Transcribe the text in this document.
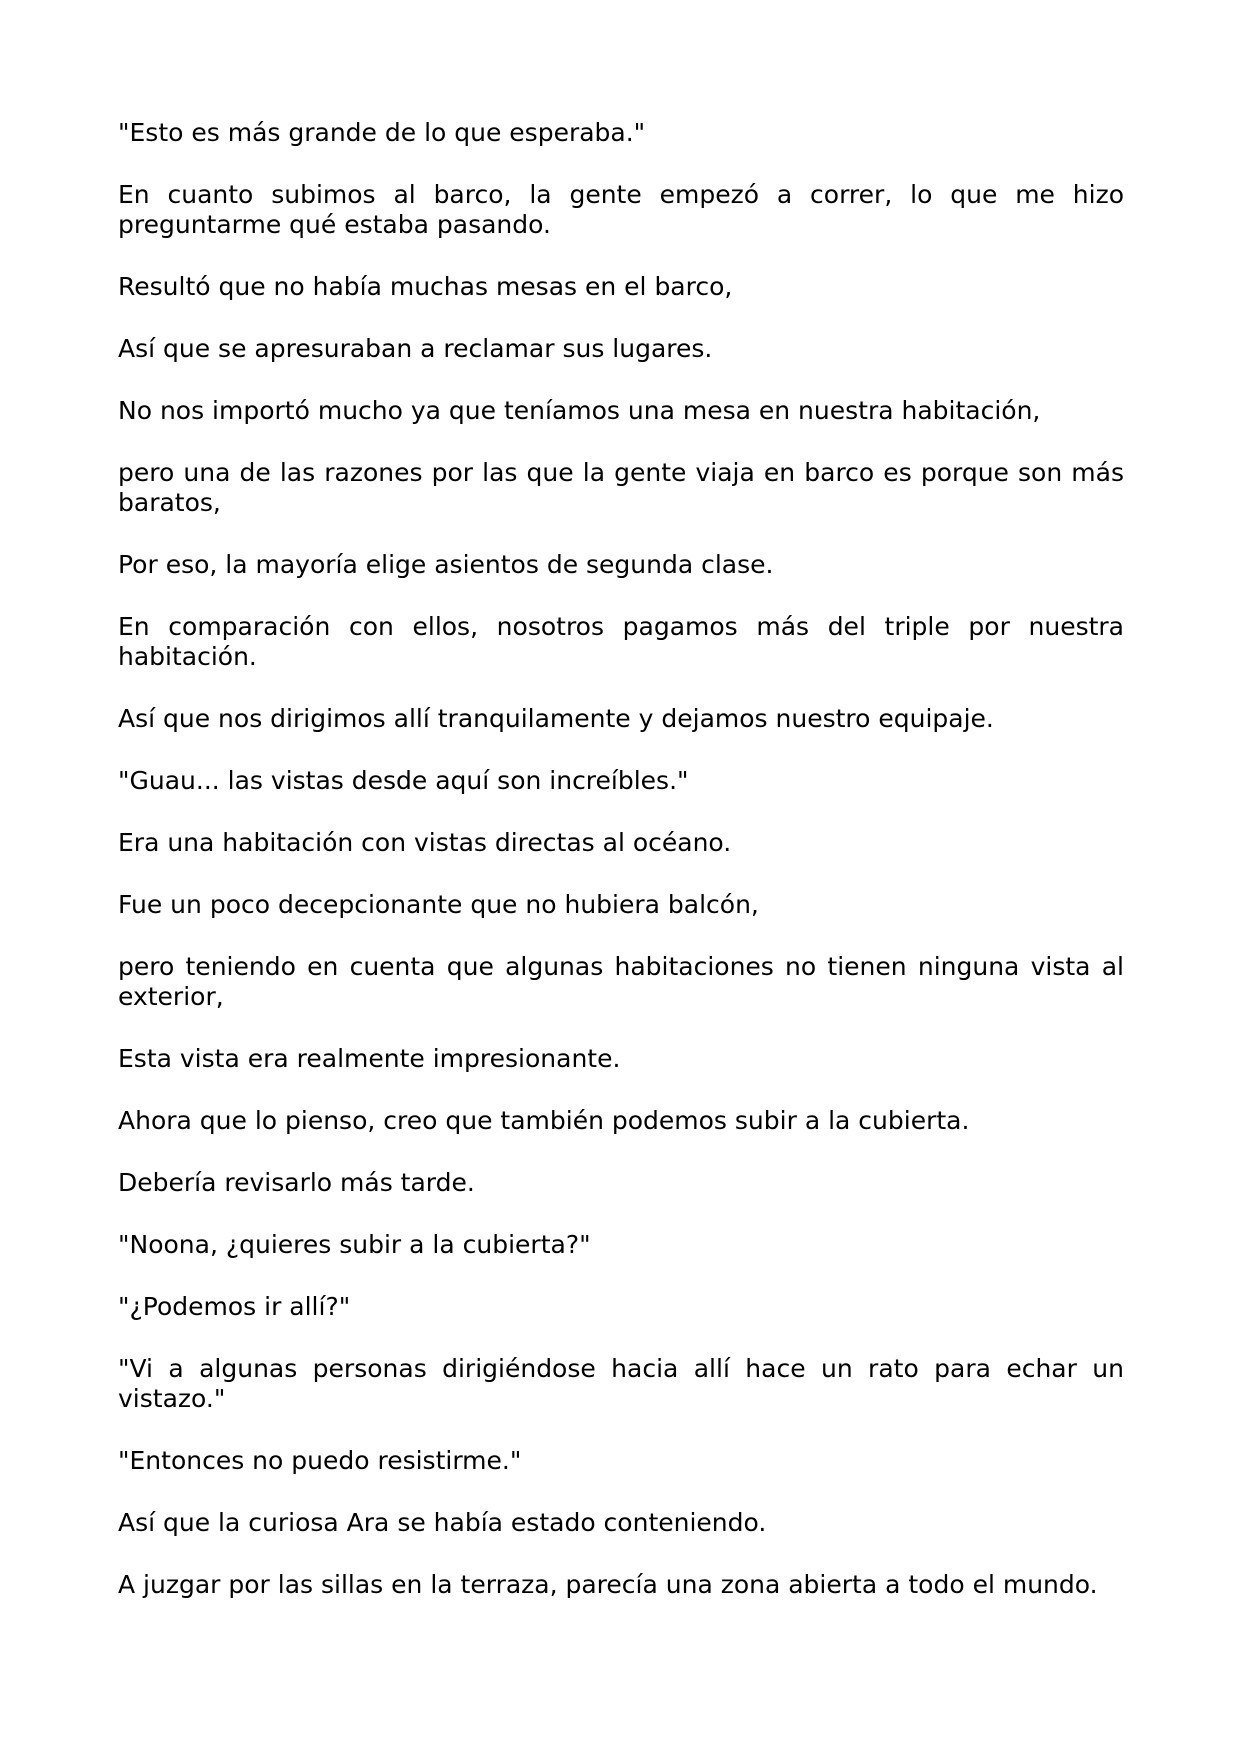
"Esto es más grande de lo que esperaba."

En cuanto subimos al barco, la gente empezó a correr, lo que me hizo preguntarme qué estaba pasando.

Resultó que no había muchas mesas en el barco,

Así que se apresuraban a reclamar sus lugares.

No nos importó mucho ya que teníamos una mesa en nuestra habitación,

pero una de las razones por las que la gente viaja en barco es porque son más baratos,

Por eso, la mayoría elige asientos de segunda clase.

En comparación con ellos, nosotros pagamos más del triple por nuestra habitación.

Así que nos dirigimos allí tranquilamente y dejamos nuestro equipaje.

"Guau... las vistas desde aquí son increíbles."

Era una habitación con vistas directas al océano.

Fue un poco decepcionante que no hubiera balcón,

pero teniendo en cuenta que algunas habitaciones no tienen ninguna vista al exterior,

Esta vista era realmente impresionante.

Ahora que lo pienso, creo que también podemos subir a la cubierta.

Debería revisarlo más tarde.

"Noona, ¿quieres subir a la cubierta?"

"¿Podemos ir allí?"

"Vi a algunas personas dirigiéndose hacia allí hace un rato para echar un vistazo."

"Entonces no puedo resistirme."

Así que la curiosa Ara se había estado conteniendo.

A juzgar por las sillas en la terraza, parecía una zona abierta a todo el mundo.
